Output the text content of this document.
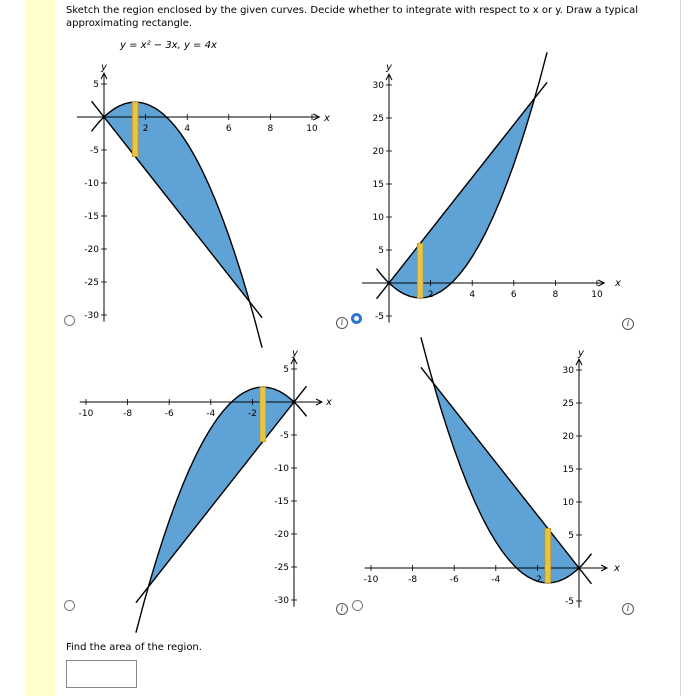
Sketch the region enclosed by the given curves. Decide whether to integrate with respect to x or y. Draw a typical approximating rectangle.
y = x² − 3x, y = 4x
2	4	6	8	10
5
-5
-10
-15
-20
-25
-30
x
y
2	4	6	8	10
30
25
20
15
10
5
-5
x
y
-10	-8	-6	-4	-2
5
-5
-10
-15
-20
-25
-30
x
y
-10	-8	-6	-4	-2
30
25
20
15
10
5
-5
x
y
i	i
i	i
Find the area of the region.
